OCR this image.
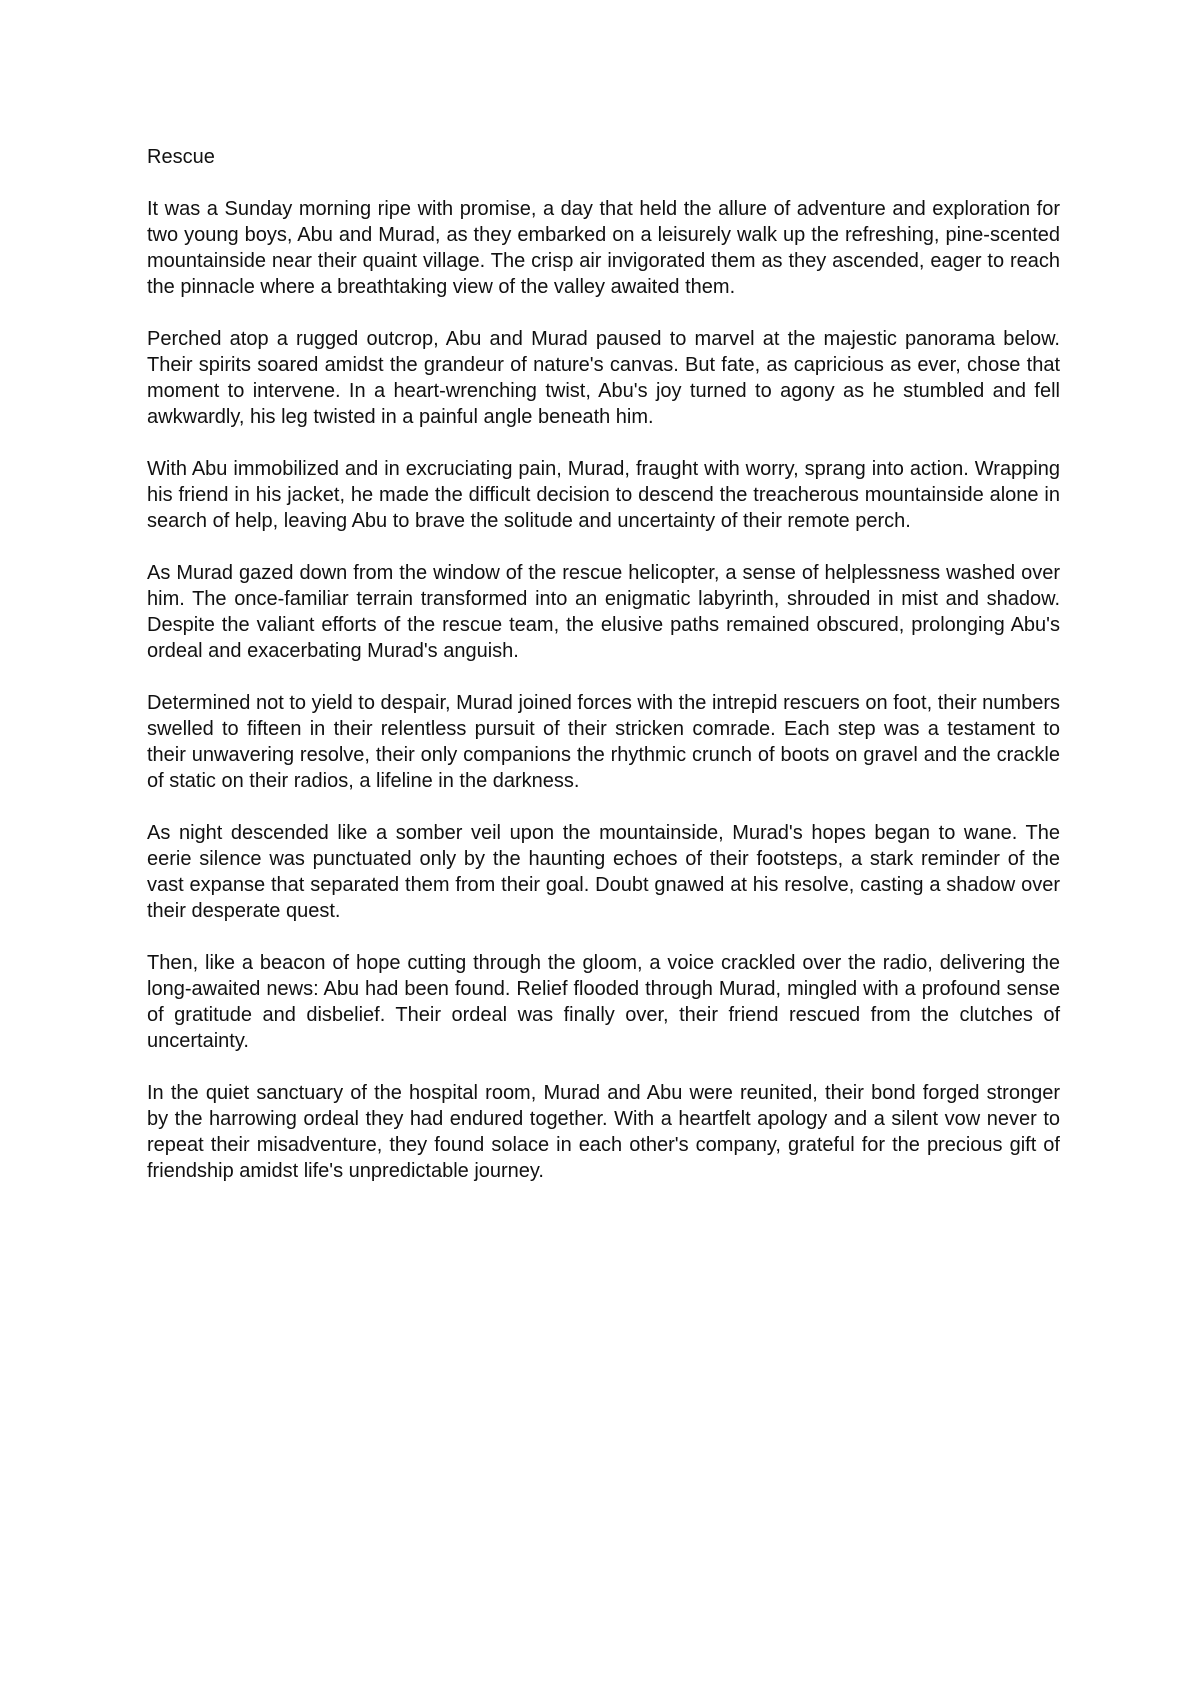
Rescue

It was a Sunday morning ripe with promise, a day that held the allure of adventure and exploration for two young boys, Abu and Murad, as they embarked on a leisurely walk up the refreshing, pine-scented mountainside near their quaint village. The crisp air invigorated them as they ascended, eager to reach the pinnacle where a breathtaking view of the valley awaited them.

Perched atop a rugged outcrop, Abu and Murad paused to marvel at the majestic panorama below. Their spirits soared amidst the grandeur of nature's canvas. But fate, as capricious as ever, chose that moment to intervene. In a heart-wrenching twist, Abu's joy turned to agony as he stumbled and fell awkwardly, his leg twisted in a painful angle beneath him.

With Abu immobilized and in excruciating pain, Murad, fraught with worry, sprang into action. Wrapping his friend in his jacket, he made the difficult decision to descend the treacherous mountainside alone in search of help, leaving Abu to brave the solitude and uncertainty of their remote perch.

As Murad gazed down from the window of the rescue helicopter, a sense of helplessness washed over him. The once-familiar terrain transformed into an enigmatic labyrinth, shrouded in mist and shadow. Despite the valiant efforts of the rescue team, the elusive paths remained obscured, prolonging Abu's ordeal and exacerbating Murad's anguish.

Determined not to yield to despair, Murad joined forces with the intrepid rescuers on foot, their numbers swelled to fifteen in their relentless pursuit of their stricken comrade. Each step was a testament to their unwavering resolve, their only companions the rhythmic crunch of boots on gravel and the crackle of static on their radios, a lifeline in the darkness.

As night descended like a somber veil upon the mountainside, Murad's hopes began to wane. The eerie silence was punctuated only by the haunting echoes of their footsteps, a stark reminder of the vast expanse that separated them from their goal. Doubt gnawed at his resolve, casting a shadow over their desperate quest.

Then, like a beacon of hope cutting through the gloom, a voice crackled over the radio, delivering the long-awaited news: Abu had been found. Relief flooded through Murad, mingled with a profound sense of gratitude and disbelief. Their ordeal was finally over, their friend rescued from the clutches of uncertainty.

In the quiet sanctuary of the hospital room, Murad and Abu were reunited, their bond forged stronger by the harrowing ordeal they had endured together. With a heartfelt apology and a silent vow never to repeat their misadventure, they found solace in each other's company, grateful for the precious gift of friendship amidst life's unpredictable journey.
